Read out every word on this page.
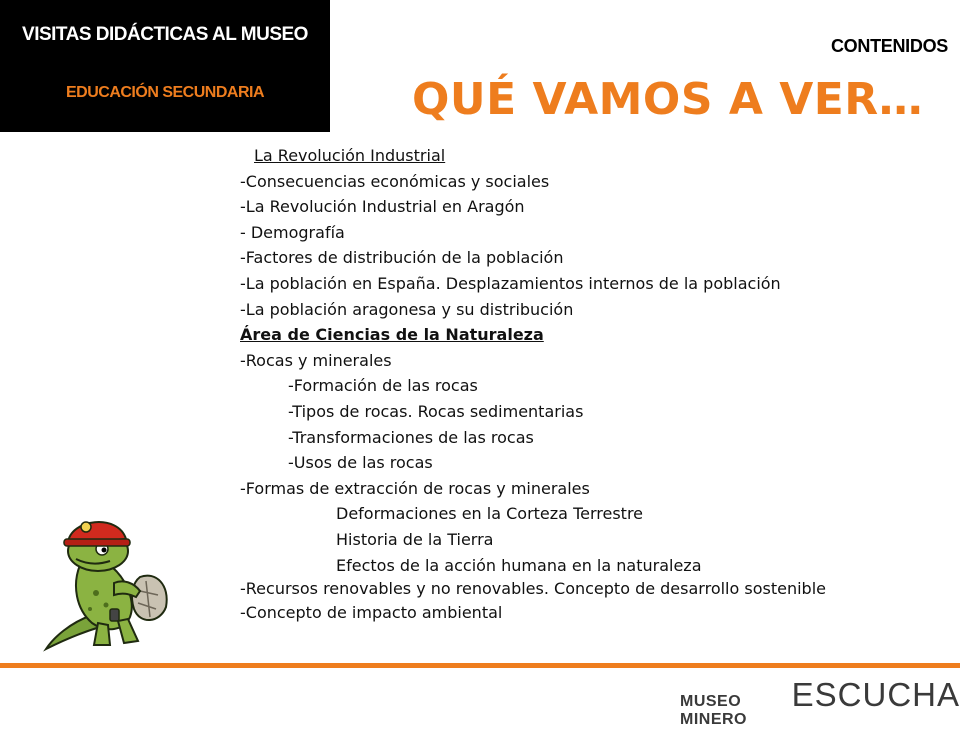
VISITAS DIDÁCTICAS AL MUSEO
EDUCACIÓN SECUNDARIA
CONTENIDOS
QUÉ VAMOS A VER…
La Revolución Industrial
-Consecuencias económicas y sociales
-La Revolución Industrial en Aragón
- Demografía
-Factores de distribución de la población
-La población en España. Desplazamientos internos de la población
-La población aragonesa y su distribución
Área de Ciencias de la Naturaleza
-Rocas y minerales
-Formación de las rocas
-Tipos de rocas. Rocas sedimentarias
-Transformaciones de las rocas
-Usos de las rocas
-Formas de extracción de rocas y minerales
Deformaciones en la Corteza Terrestre
Historia de la Tierra
Efectos de la acción humana en la naturaleza
-Recursos renovables y no renovables. Concepto de desarrollo sostenible
-Concepto de impacto ambiental
MUSEO MINERO
ESCUCHA
